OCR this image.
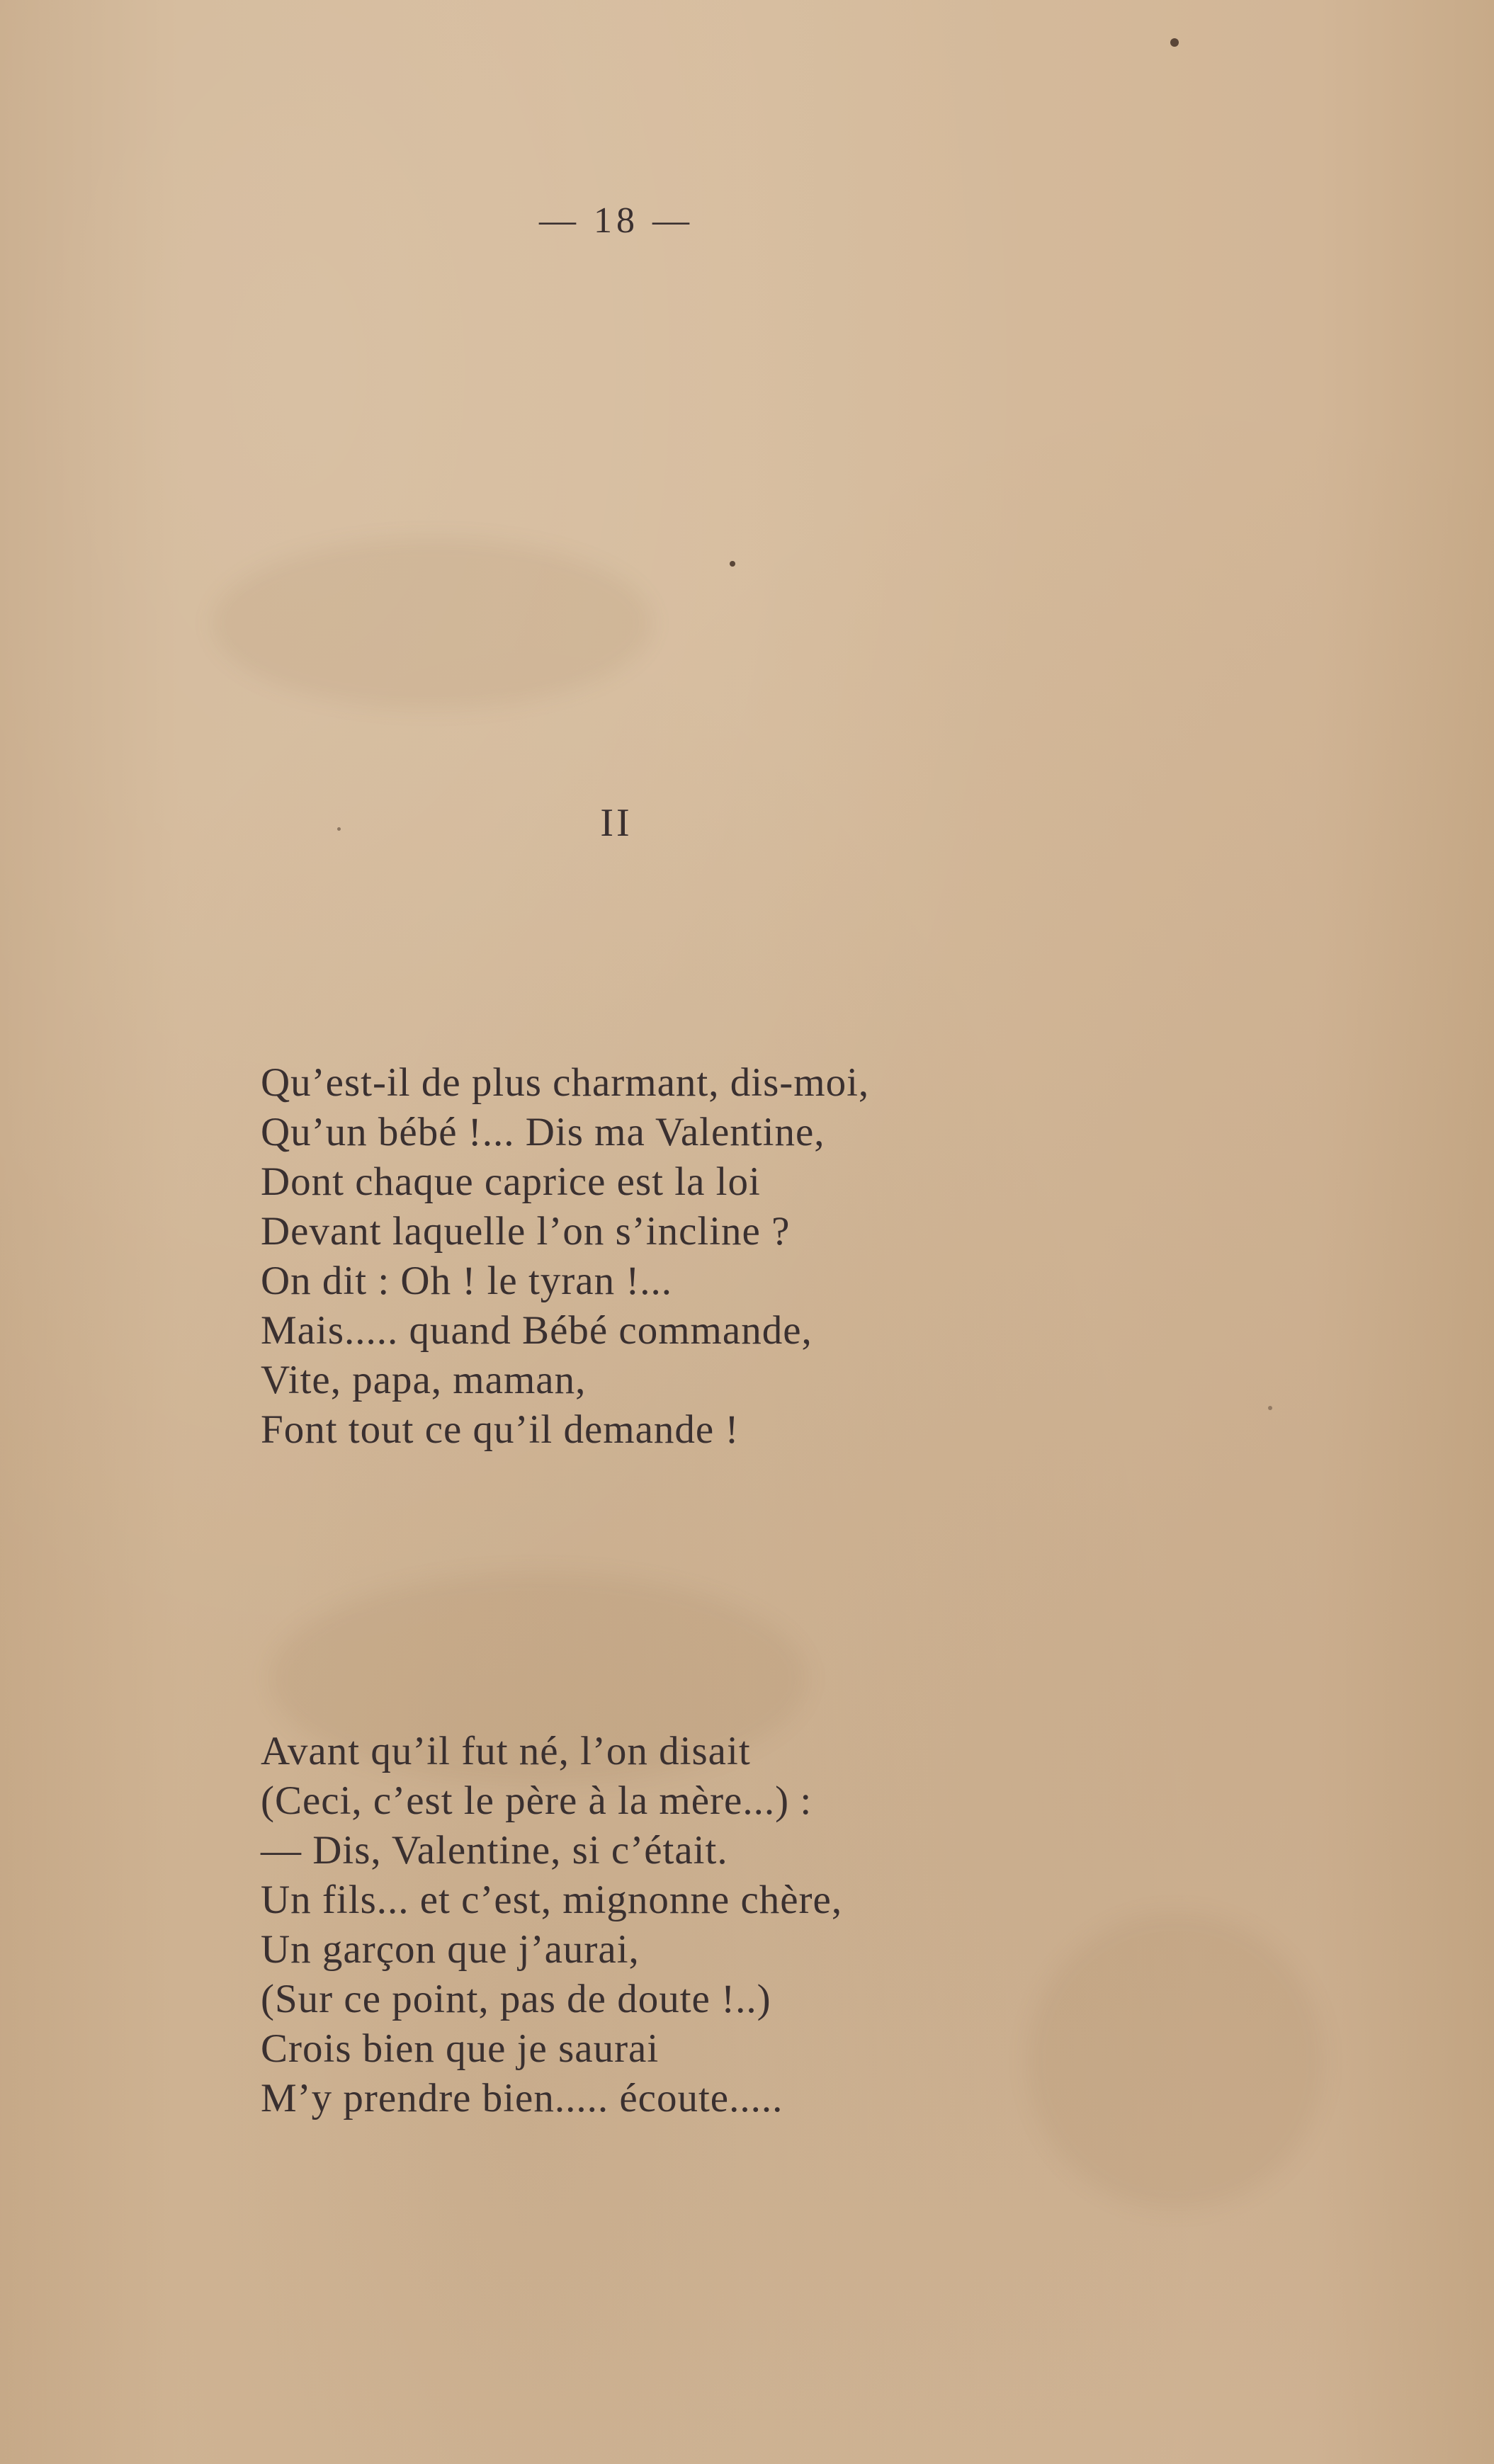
— 18 —
II
Qu’est-il de plus charmant, dis-moi,
Qu’un bébé !... Dis ma Valentine,
Dont chaque caprice est la loi
Devant laquelle l’on s’incline ?
On dit : Oh ! le tyran !...
Mais..... quand Bébé commande,
Vite, papa, maman,
Font tout ce qu’il demande !
Avant qu’il fut né, l’on disait
(Ceci, c’est le père à la mère...) :
— Dis, Valentine, si c’était.
Un fils... et c’est, mignonne chère,
Un garçon que j’aurai,
(Sur ce point, pas de doute !..)
Crois bien que je saurai
M’y prendre bien..... écoute.....
